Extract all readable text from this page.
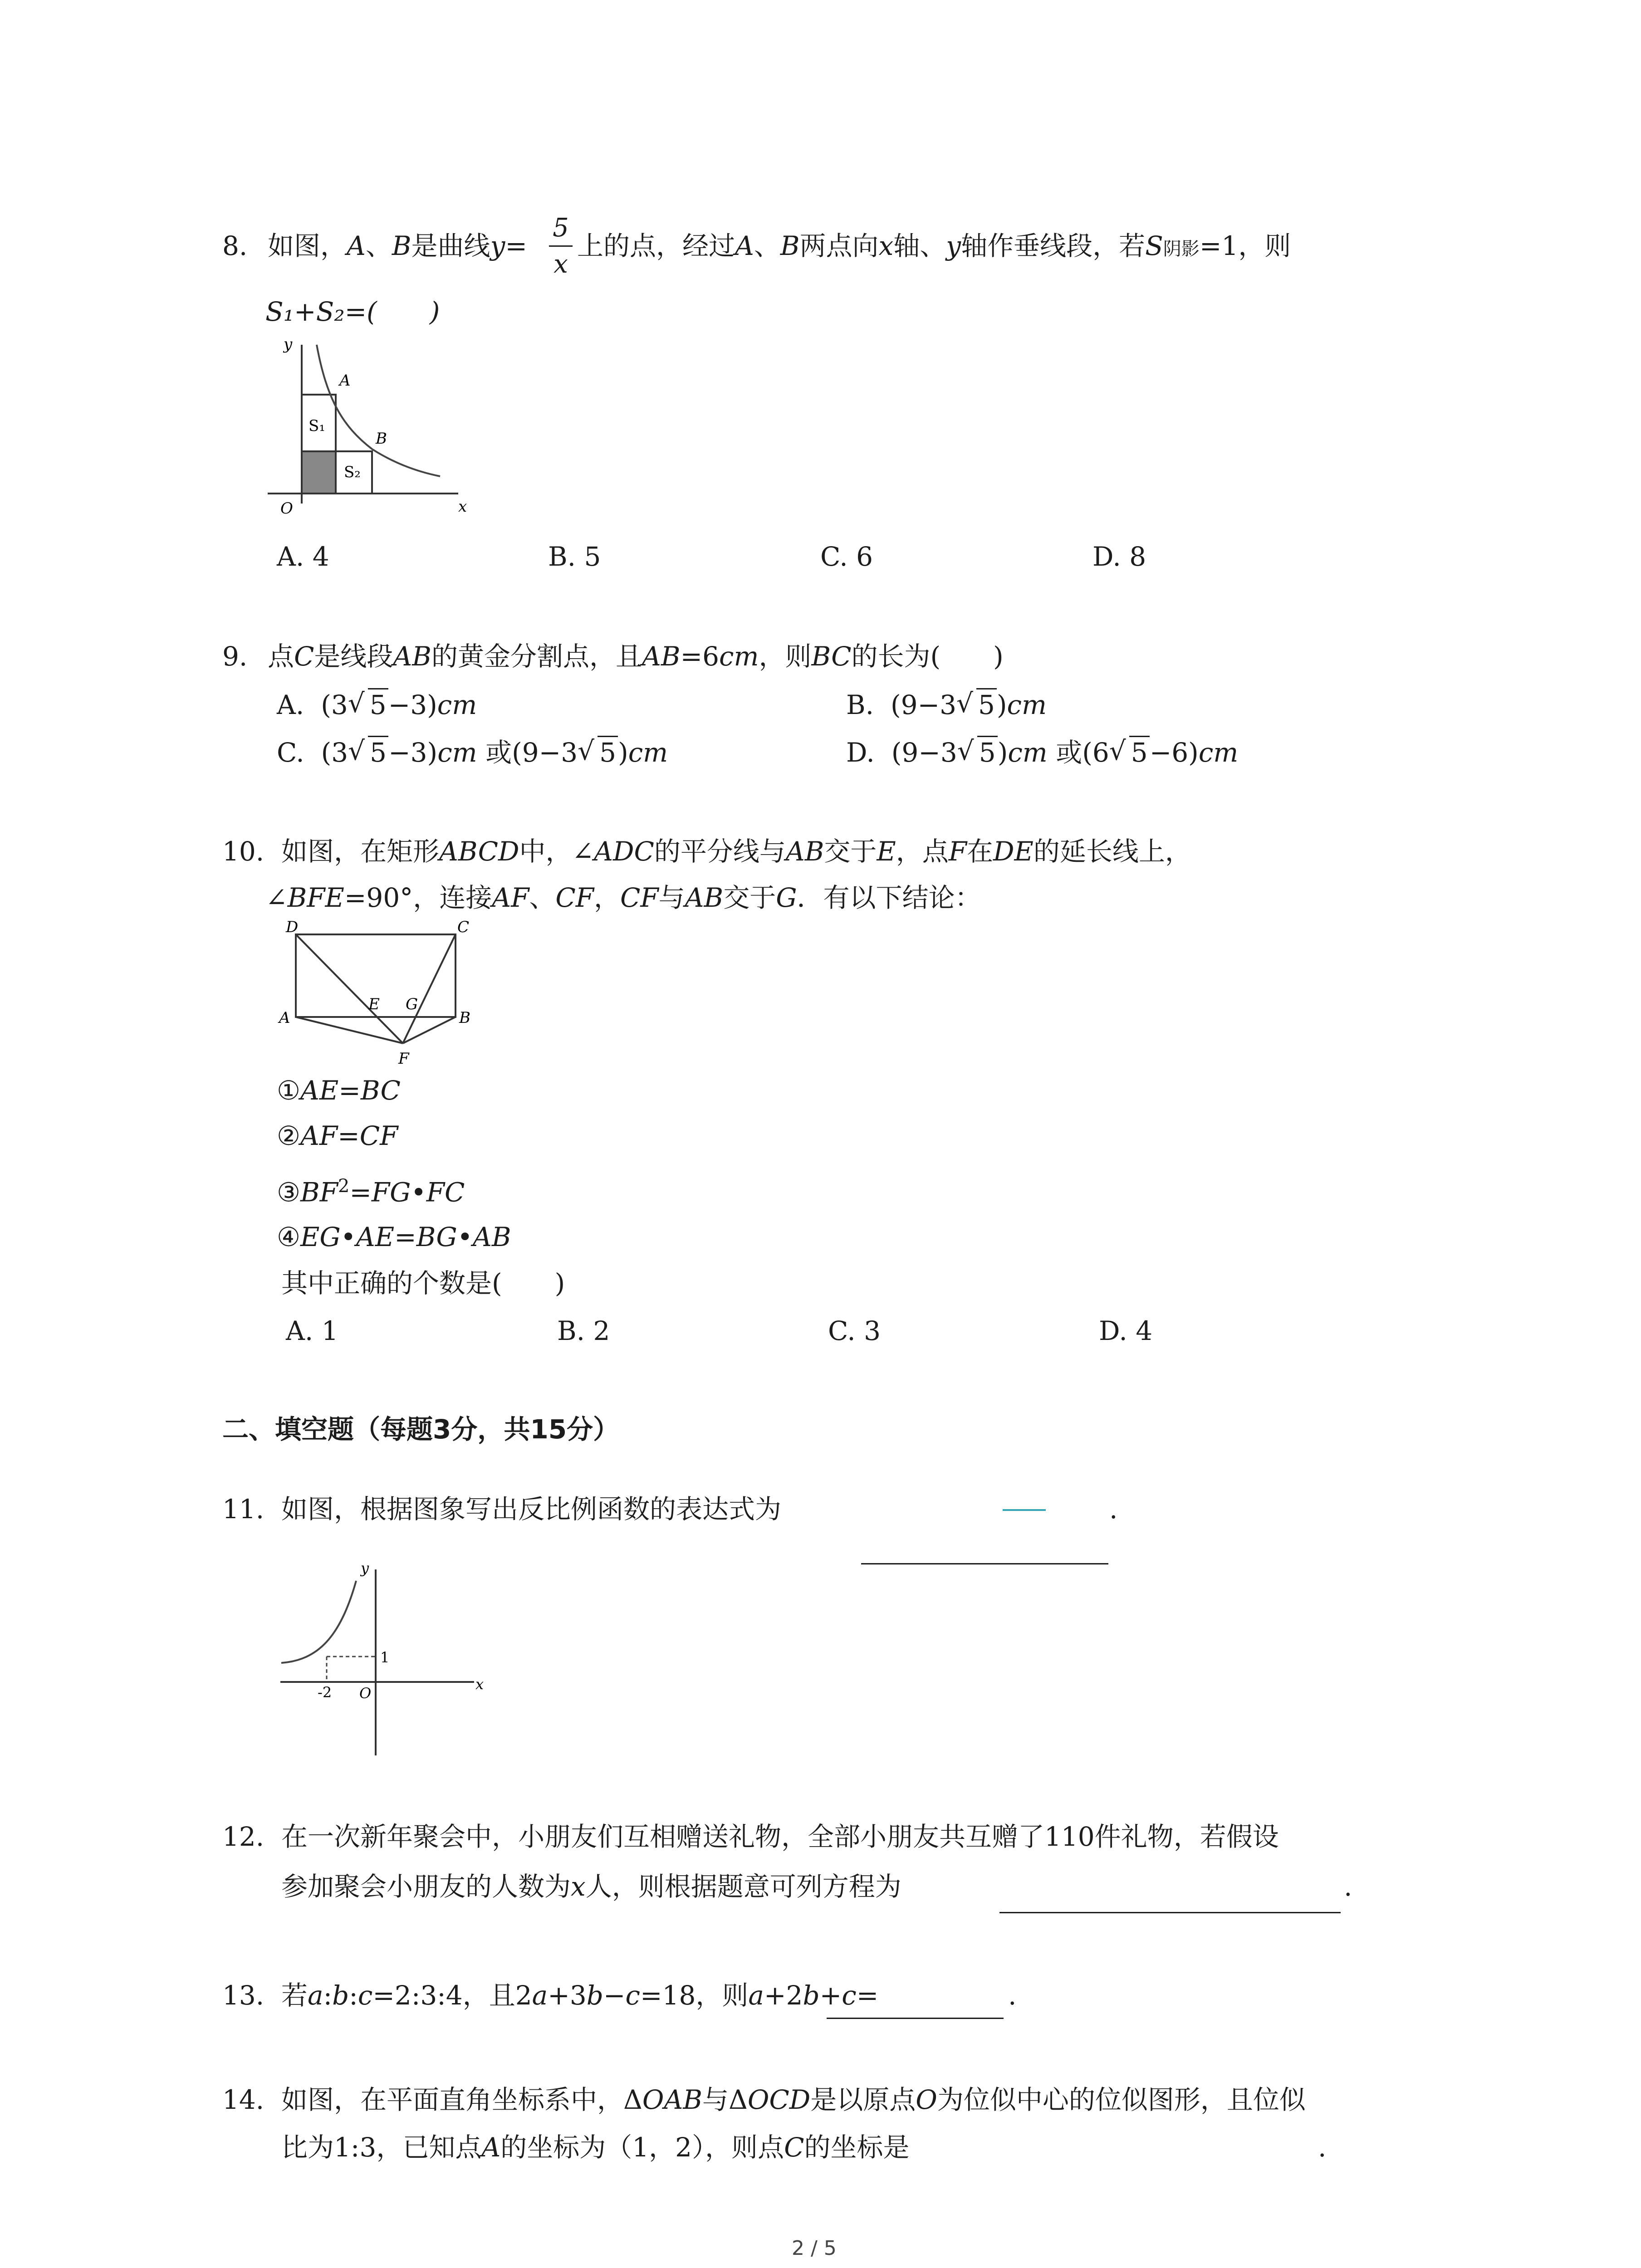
8. 如图，A、B是曲线y=
5
x
上的点，经过A、B两点向x轴、y轴作垂线段，若S阴影=1，则
S₁+S₂=(　　)
y
x
O
A
B
S₁
S₂
A. 4	B. 5	C. 6	D. 8
9. 点C是线段AB的黄金分割点，且AB=6cm，则BC的长为(　　)
A. (3 √ 5−3)cm	B. (9−3 √ 5)cm
C. (3 √ 5−3)cm 或(9−3 √ 5)cm	D. (9−3 √ 5)cm 或(6 √ 5−6)cm
10. 如图，在矩形ABCD中，∠ADC的平分线与AB交于E，点F在DE的延长线上，
∠BFE=90°，连接AF、CF，CF与AB交于G．有以下结论：
D	C
A	B
E G
F
①AE=BC
②AF=CF
$③BF^2=FG•FC$
④EG•AE=BG•AB
其中正确的个数是(　　)
A. 1	B. 2	C. 3	D. 4
二、填空题（每题3分，共15分）
11. 如图，根据图象写出反比例函数的表达式为	.
y
x
O
1
-2
12. 在一次新年聚会中，小朋友们互相赠送礼物，全部小朋友共互赠了110件礼物，若假设
参加聚会小朋友的人数为x人，则根据题意可列方程为	.
13. 若a:b:c=2:3:4，且2a+3b−c=18，则a+2b+c=	.
14. 如图，在平面直角坐标系中，ΔOAB与ΔOCD是以原点O为位似中心的位似图形，且位似
比为1:3，已知点A的坐标为（1，2），则点C的坐标是	.
2 / 5
